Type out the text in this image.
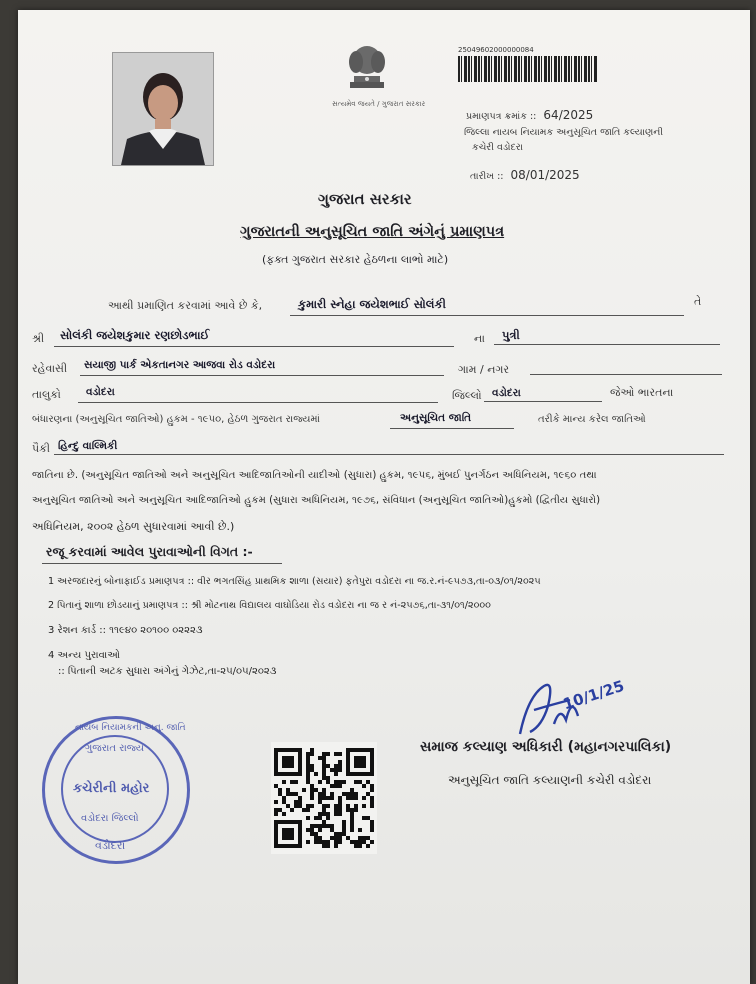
સત્યમેવ જયતે / ગુજરાત સરકાર
25049602000000084
પ્રમાણપત્ર ક્રમાંક :: 64/2025
જિલ્લા નાયબ નિયામક અનુસૂચિત જાતિ કલ્યાણની
કચેરી વડોદરા
તારીખ :: 08/01/2025
ગુજરાત સરકાર
ગુજરાતની અનુસૂચિત જાતિ અંગેનું પ્રમાણપત્ર
(ફક્ત ગુજરાત સરકાર હેઠળના લાભો માટે)
આથી પ્રમાણિત કરવામાં આવે છે કે,	કુમારી સ્નેહા જયેશભાઈ સોલંકી	તે
શ્રી સોલંકી જયેશકુમાર રણછોડભાઈ	ના પુત્રી
રહેવાસી સયાજી પાર્ક એકતાનગર આજવા રોડ વડોદરા	ગામ / નગર
તાલુકો વડોદરા	જિલ્લો વડોદરા	જેઓ ભારતના
બંધારણના (અનુસૂચિત જાતિઓ) હુકમ - ૧૯૫૦, હેઠળ ગુજરાત રાજ્યમાં	અનુસૂચિત જાતિ	તરીકે માન્ય કરેલ જાતિઓ
પૈકી હિન્દુ વાલ્મિકી
જાતિના છે. (અનુસૂચિત જાતિઓ અને અનુસૂચિત આદિજાતિઓની યાદીઓ (સુધારા) હુકમ, ૧૯૫૬, મુંબઈ પુનર્ગઠન અધિનિયમ, ૧૯૬૦ તથા
અનુસૂચિત જાતિઓ અને અનુસૂચિત આદિજાતિઓ હુકમ (સુધારા અધિનિયમ, ૧૯૭૬, સંવિધાન (અનુસૂચિત જાતિઓ)હુકમો (દ્વિતીય સુધારો)
અધિનિયમ, ૨૦૦૨ હેઠળ સુધારવામાં આવી છે.)
રજૂ કરવામાં આવેલ પુરાવાઓની વિગત :-
1 અરજદારનું બોનાફાઈડ પ્રમાણપત્ર :: વીર ભગતસિંહ પ્રાથમિક શાળા (સયાર) ફતેપુરા વડોદરા ના જ.ર.નં-૯૫૭૩,તા-૦૩/૦૧/૨૦૨૫
2 પિતાનું શાળા છોડયાનું પ્રમાણપત્ર :: શ્રી મોટનાથ વિદ્યાલય વાઘોડિયા રોડ વડોદરા ના જ ર નં-૨૫૭૬,તા-૩૧/૦૧/૨૦૦૦
3 રેશન કાર્ડ :: ૧૧૯૪૦ ૨૦૧૦૦ ૦૨૨૨૩
4 અન્ય પુરાવાઓ
:: પિતાની અટક સુધારા અંગેનું ગેઝેટ,તા-૨૫/૦૫/૨૦૨૩
10/1/25
સમાજ કલ્યાણ અધિકારી (મહાનગરપાલિકા)
અનુસૂચિત જાતિ કલ્યાણની કચેરી વડોદરા
નાયબ નિયામકની અનુ. જાતિ
ગુજરાત રાજ્ય
કચેરીની મહોર
વડોદરા જિલ્લો
વડોદરા
